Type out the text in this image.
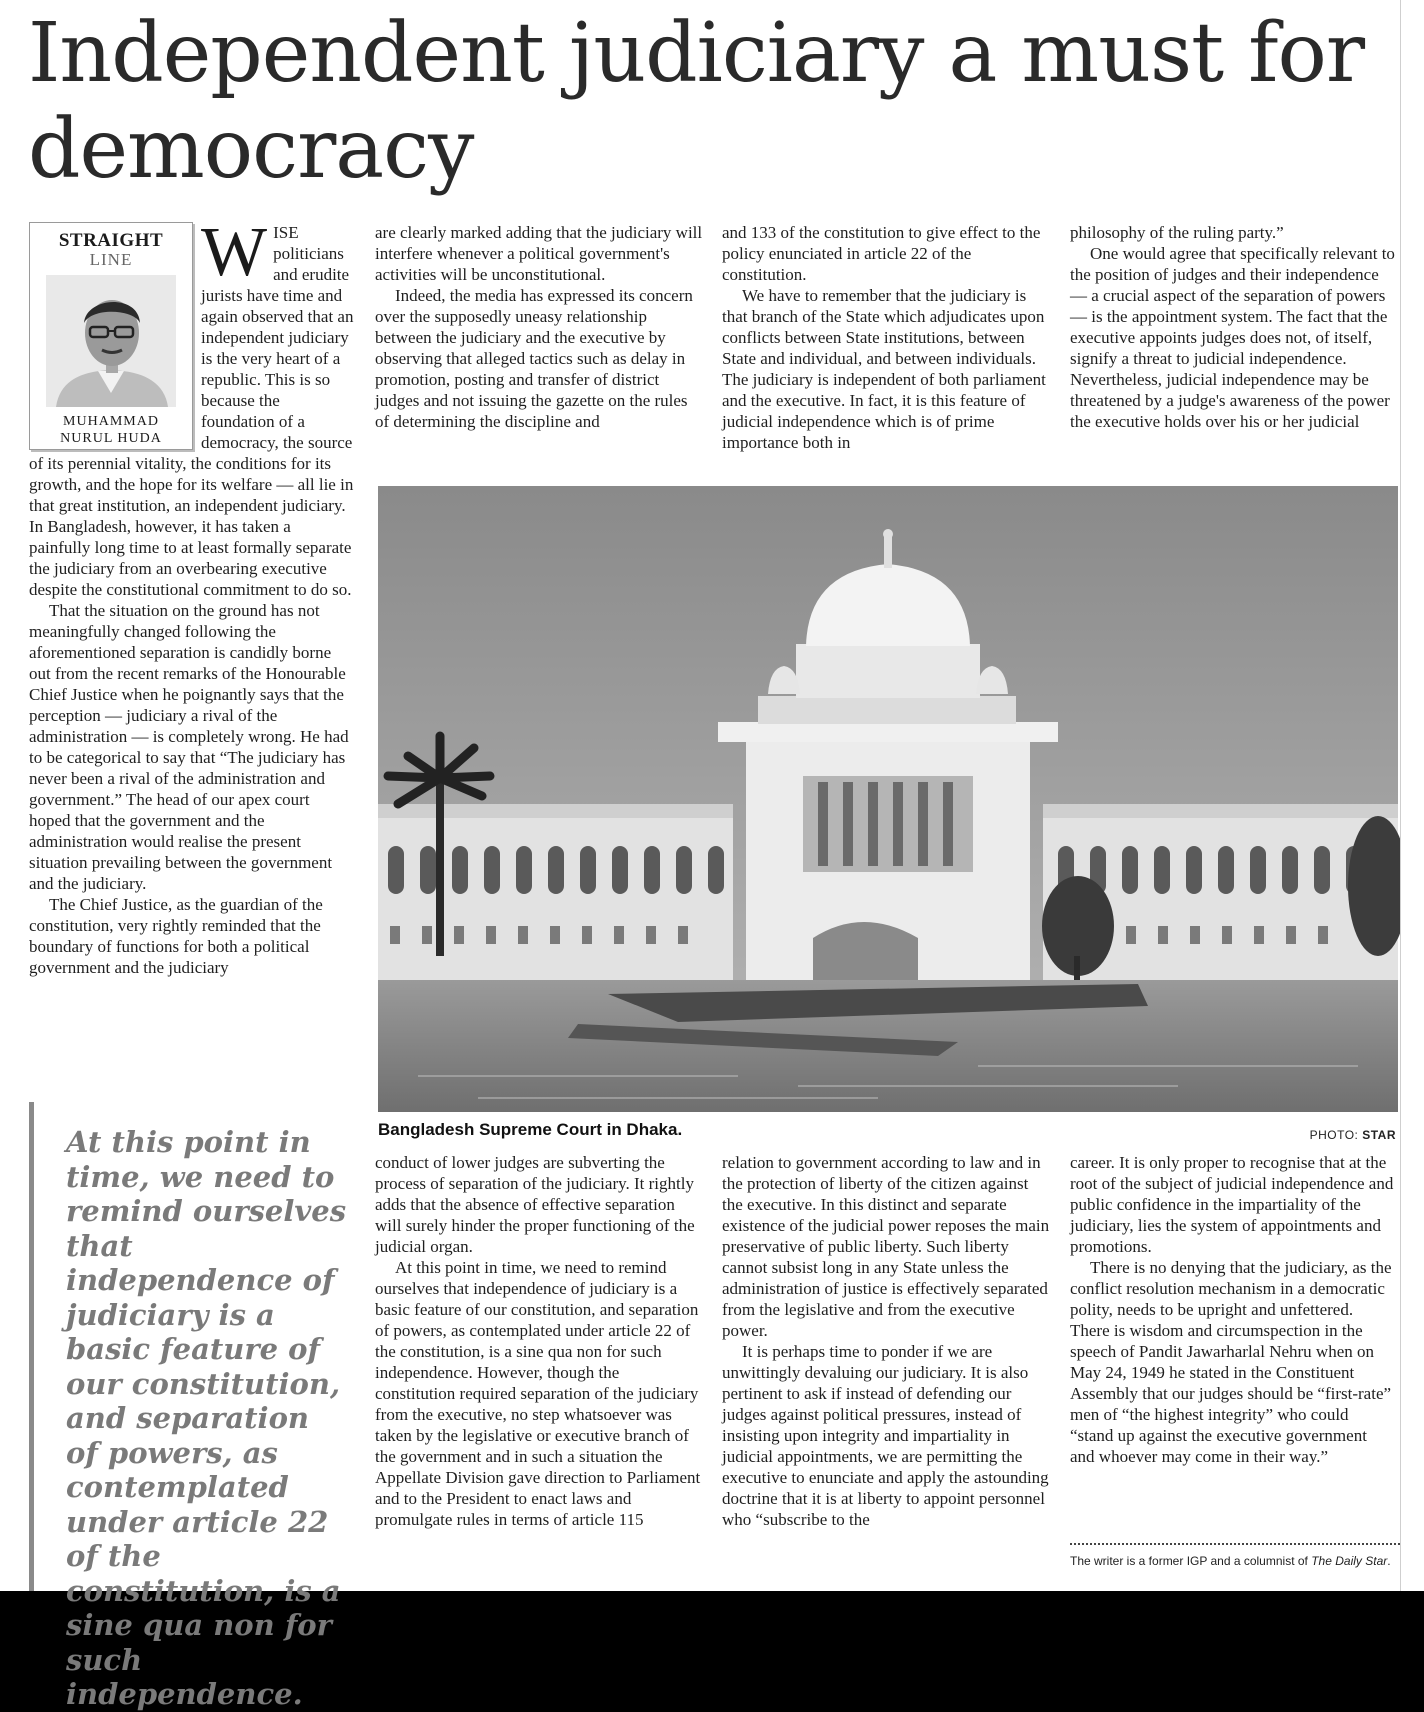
Independent judiciary a must for democracy
STRAIGHT
LINE
MUHAMMAD
NURUL HUDA

WISE politicians and erudite jurists have time and again observed that an independent judiciary is the very heart of a republic. This is so because the foundation of a democracy, the source of its perennial vitality, the conditions for its growth, and the hope for its welfare — all lie in that great institution, an independent judiciary. In Bangladesh, however, it has taken a painfully long time to at least formally separate the judiciary from an overbearing executive despite the constitutional commitment to do so.

That the situation on the ground has not meaningfully changed following the aforementioned separation is candidly borne out from the recent remarks of the Honourable Chief Justice when he poignantly says that the perception — judiciary a rival of the administration — is completely wrong. He had to be categorical to say that “The judiciary has never been a rival of the administration and government.” The head of our apex court hoped that the government and the administration would realise the present situation prevailing between the government and the judiciary.

The Chief Justice, as the guardian of the constitution, very rightly reminded that the boundary of functions for both a political government and the judiciary

are clearly marked adding that the judiciary will interfere whenever a political government's activities will be unconstitutional.

Indeed, the media has expressed its concern over the supposedly uneasy relationship between the judiciary and the executive by observing that alleged tactics such as delay in promotion, posting and transfer of district judges and not issuing the gazette on the rules of determining the discipline and

and 133 of the constitution to give effect to the policy enunciated in article 22 of the constitution.

We have to remember that the judiciary is that branch of the State which adjudicates upon conflicts between State institutions, between State and individual, and between individuals. The judiciary is independent of both parliament and the executive. In fact, it is this feature of judicial independence which is of prime importance both in

philosophy of the ruling party.”

One would agree that specifically relevant to the position of judges and their independence — a crucial aspect of the separation of powers — is the appointment system. The fact that the executive appoints judges does not, of itself, signify a threat to judicial independence. Nevertheless, judicial independence may be threatened by a judge's awareness of the power the executive holds over his or her judicial

Bangladesh Supreme Court in Dhaka.	PHOTO: STAR
At this point in time, we need to remind ourselves that independence of judiciary is a basic feature of our constitution, and separation of powers, as contemplated under article 22 of the constitution, is a sine qua non for such independence.

conduct of lower judges are subverting the process of separation of the judiciary. It rightly adds that the absence of effective separation will surely hinder the proper functioning of the judicial organ.

At this point in time, we need to remind ourselves that independence of judiciary is a basic feature of our constitution, and separation of powers, as contemplated under article 22 of the constitution, is a sine qua non for such independence. However, though the constitution required separation of the judiciary from the executive, no step whatsoever was taken by the legislative or executive branch of the government and in such a situation the Appellate Division gave direction to Parliament and to the President to enact laws and promulgate rules in terms of article 115

relation to government according to law and in the protection of liberty of the citizen against the executive. In this distinct and separate existence of the judicial power reposes the main preservative of public liberty. Such liberty cannot subsist long in any State unless the administration of justice is effectively separated from the legislative and from the executive power.

It is perhaps time to ponder if we are unwittingly devaluing our judiciary. It is also pertinent to ask if instead of defending our judges against political pressures, instead of insisting upon integrity and impartiality in judicial appointments, we are permitting the executive to enunciate and apply the astounding doctrine that it is at liberty to appoint personnel who “subscribe to the

career. It is only proper to recognise that at the root of the subject of judicial independence and public confidence in the impartiality of the judiciary, lies the system of appointments and promotions.

There is no denying that the judiciary, as the conflict resolution mechanism in a democratic polity, needs to be upright and unfettered. There is wisdom and circumspection in the speech of Pandit Jawarharlal Nehru when on May 24, 1949 he stated in the Constituent Assembly that our judges should be “first-rate” men of “the highest integrity” who could “stand up against the executive government and whoever may come in their way.”

The writer is a former IGP and a columnist of The Daily Star.
